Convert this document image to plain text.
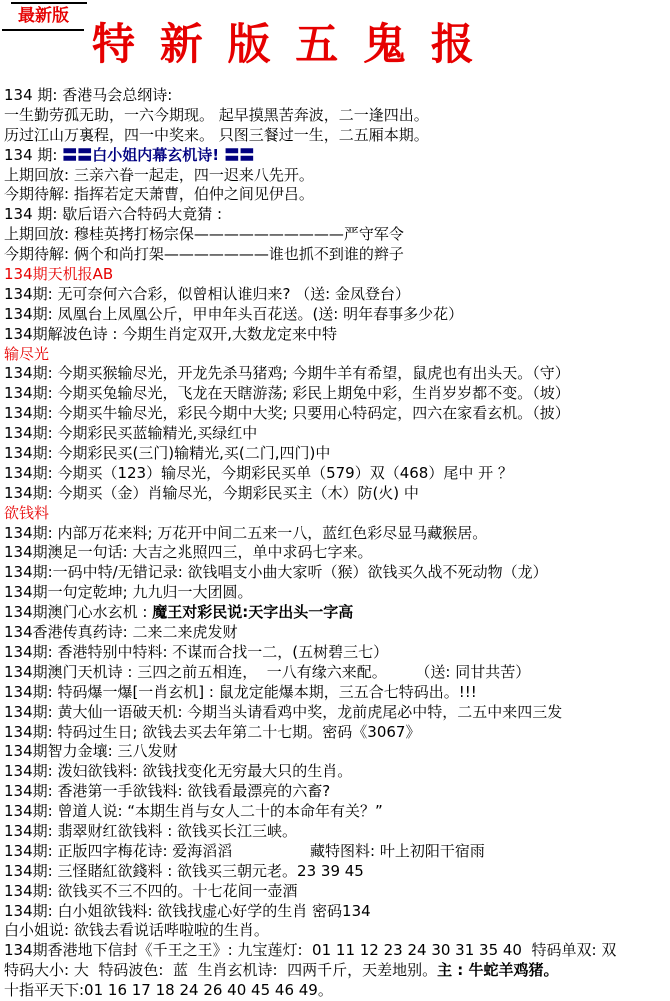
最新版
特 新 版 五 鬼 报
134 期: 香港马会总纲诗:
一生勤劳孤无助，一六今期现。 起早摸黑苦奔波，二一逢四出。
历过江山万裏程，四一中奖来。 只图三餐过一生，二五厢本期。
134 期: 〓〓白小姐内幕玄机诗! 〓〓
上期回放: 三亲六眷一起走，四一迟来八先开。
今期待解: 指挥若定天萧曹，伯仲之间见伊吕。
134 期: 歇后语六合特码大竟猜 :
上期回放: 穆桂英拷打杨宗保——————————严守军令
今期待解: 俩个和尚打架———————谁也抓不到谁的辫子
134期天机报AB
134期: 无可奈何六合彩，似曾相认谁归来? （送: 金凤登台）
134期: 凤凰台上凤凰公斤，甲申年头百花送。(送: 明年春事多少花）
134期解波色诗 : 今期生肖定双开,大数龙定来中特
输尽光
134期: 今期买猴输尽光，开龙先杀马猪鸡; 今期牛羊有希望，鼠虎也有出头天。（守）
134期: 今期买兔输尽光，飞龙在天瞎游荡; 彩民上期兔中彩，生肖岁岁都不变。（坡）
134期: 今期买牛输尽光，彩民今期中大奖; 只要用心特码定，四六在家看玄机。（披）
134期: 今期彩民买蓝输精光,买绿红中
134期: 今期彩民买(三门)输精光,买(二门,四门)中
134期: 今期买（123）输尽光，今期彩民买单（579）双（468）尾中 开 ？
134期: 今期买（金）肖输尽光，今期彩民买主（木）防(火) 中
欲钱料
134期: 内部万花来料; 万花开中间二五来一八，蓝红色彩尽显马藏猴居。
134期澳足一句话: 大吉之兆照四三，单中求码七字来。
134期:一码中特/无错记录: 欲钱唱支小曲大家听（猴）欲钱买久战不死动物（龙）
134期一句定乾坤; 九九归一大团圆。
134期澳门心水玄机 : 魔王对彩民说:天字出头一字高
134香港传真药诗: 二来二来虎发财
134期: 香港特别中特料: 不谋而合找一二，(五树碧三七）
134期澳门天机诗 : 三四之前五相连，  一八有缘六来配。      （送: 同甘共苦）
134期: 特码爆一爆[一肖玄机] : 鼠龙定能爆本期，三五合七特码出。!!!
134期: 黄大仙一语破天机: 今期当头请看鸡中奖，龙前虎尾必中特，二五中来四三发
134期: 特码过生日; 欲钱去买去年第二十七期。密码《3067》
134期智力金壤: 三八发财
134期: 泼妇欲钱料: 欲钱找变化无穷最大只的生肖。
134期: 香港第一手欲钱料: 欲钱看最漂亮的六畜?
134期: 曾道人说: “本期生肖与女人二十的本命年有关？”
134期: 翡翠财红欲钱料 : 欲钱买长江三峡。
134期: 正版四字梅花诗: 爱海滔滔	藏特图料: 叶上初阳干宿雨
134期: 三怪賭紅欲錢料 : 欲钱买三朝元老。23 39 45
134期: 欲钱买不三不四的。十七花间一壶酒
134期: 白小姐欲钱料: 欲钱找虚心好学的生肖 密码134
白小姐说: 欲钱去看说话哔啦啦的生肖。
134期香港地下信封《千王之王》: 九宝莲灯:  01 11 12 23 24 30 31 35 40  特码单双: 双
特码大小: 大  特码波色:  蓝  生肖玄机诗:  四两千斤，天差地别。主 : 牛蛇羊鸡猪。
十指平天下:01 16 17 18 24 26 40 45 46 49。
